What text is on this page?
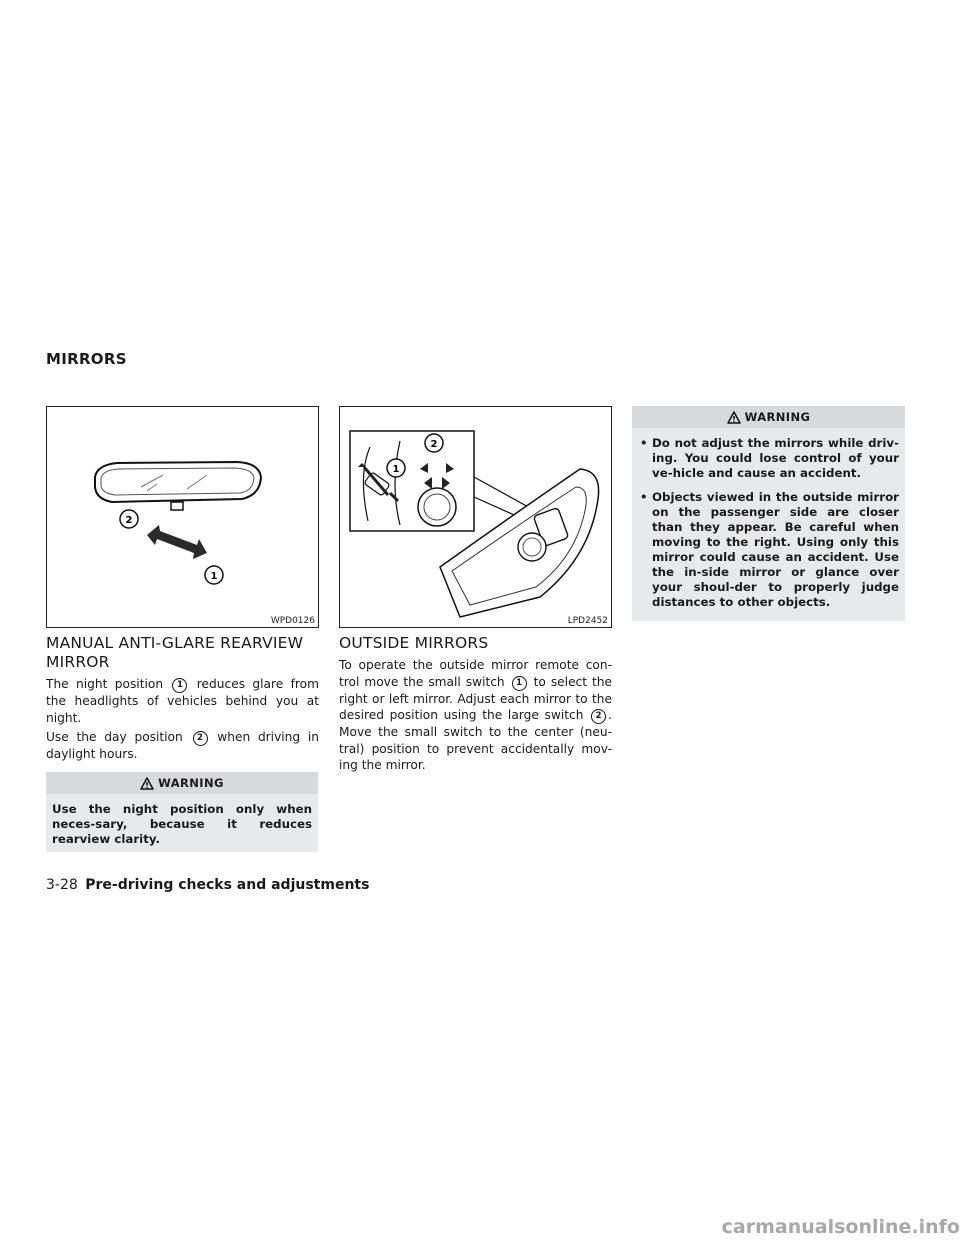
MIRRORS
2
1
WPD0126
MANUAL ANTI-GLARE REARVIEW MIRROR

The night position 1 reduces glare from the headlights of vehicles behind you at night.

Use the day position 2 when driving in daylight hours.

WARNING

Use the night position only when neces-sary, because it reduces rearview clarity.

2
1
LPD2452
OUTSIDE MIRRORS

To operate the outside mirror remote con-trol move the small switch 1 to select the right or left mirror. Adjust each mirror to the desired position using the large switch 2 . Move the small switch to the center (neu-tral) position to prevent accidentally mov-ing the mirror.

WARNING
• Do not adjust the mirrors while driv-ing. You could lose control of your ve-hicle and cause an accident.
• Objects viewed in the outside mirror on the passenger side are closer than they appear. Be careful when moving to the right. Using only this mirror could cause an accident. Use the in-side mirror or glance over your shoul-der to properly judge distances to other objects.
3-28 Pre-driving checks and adjustments
carmanualsonline.info
